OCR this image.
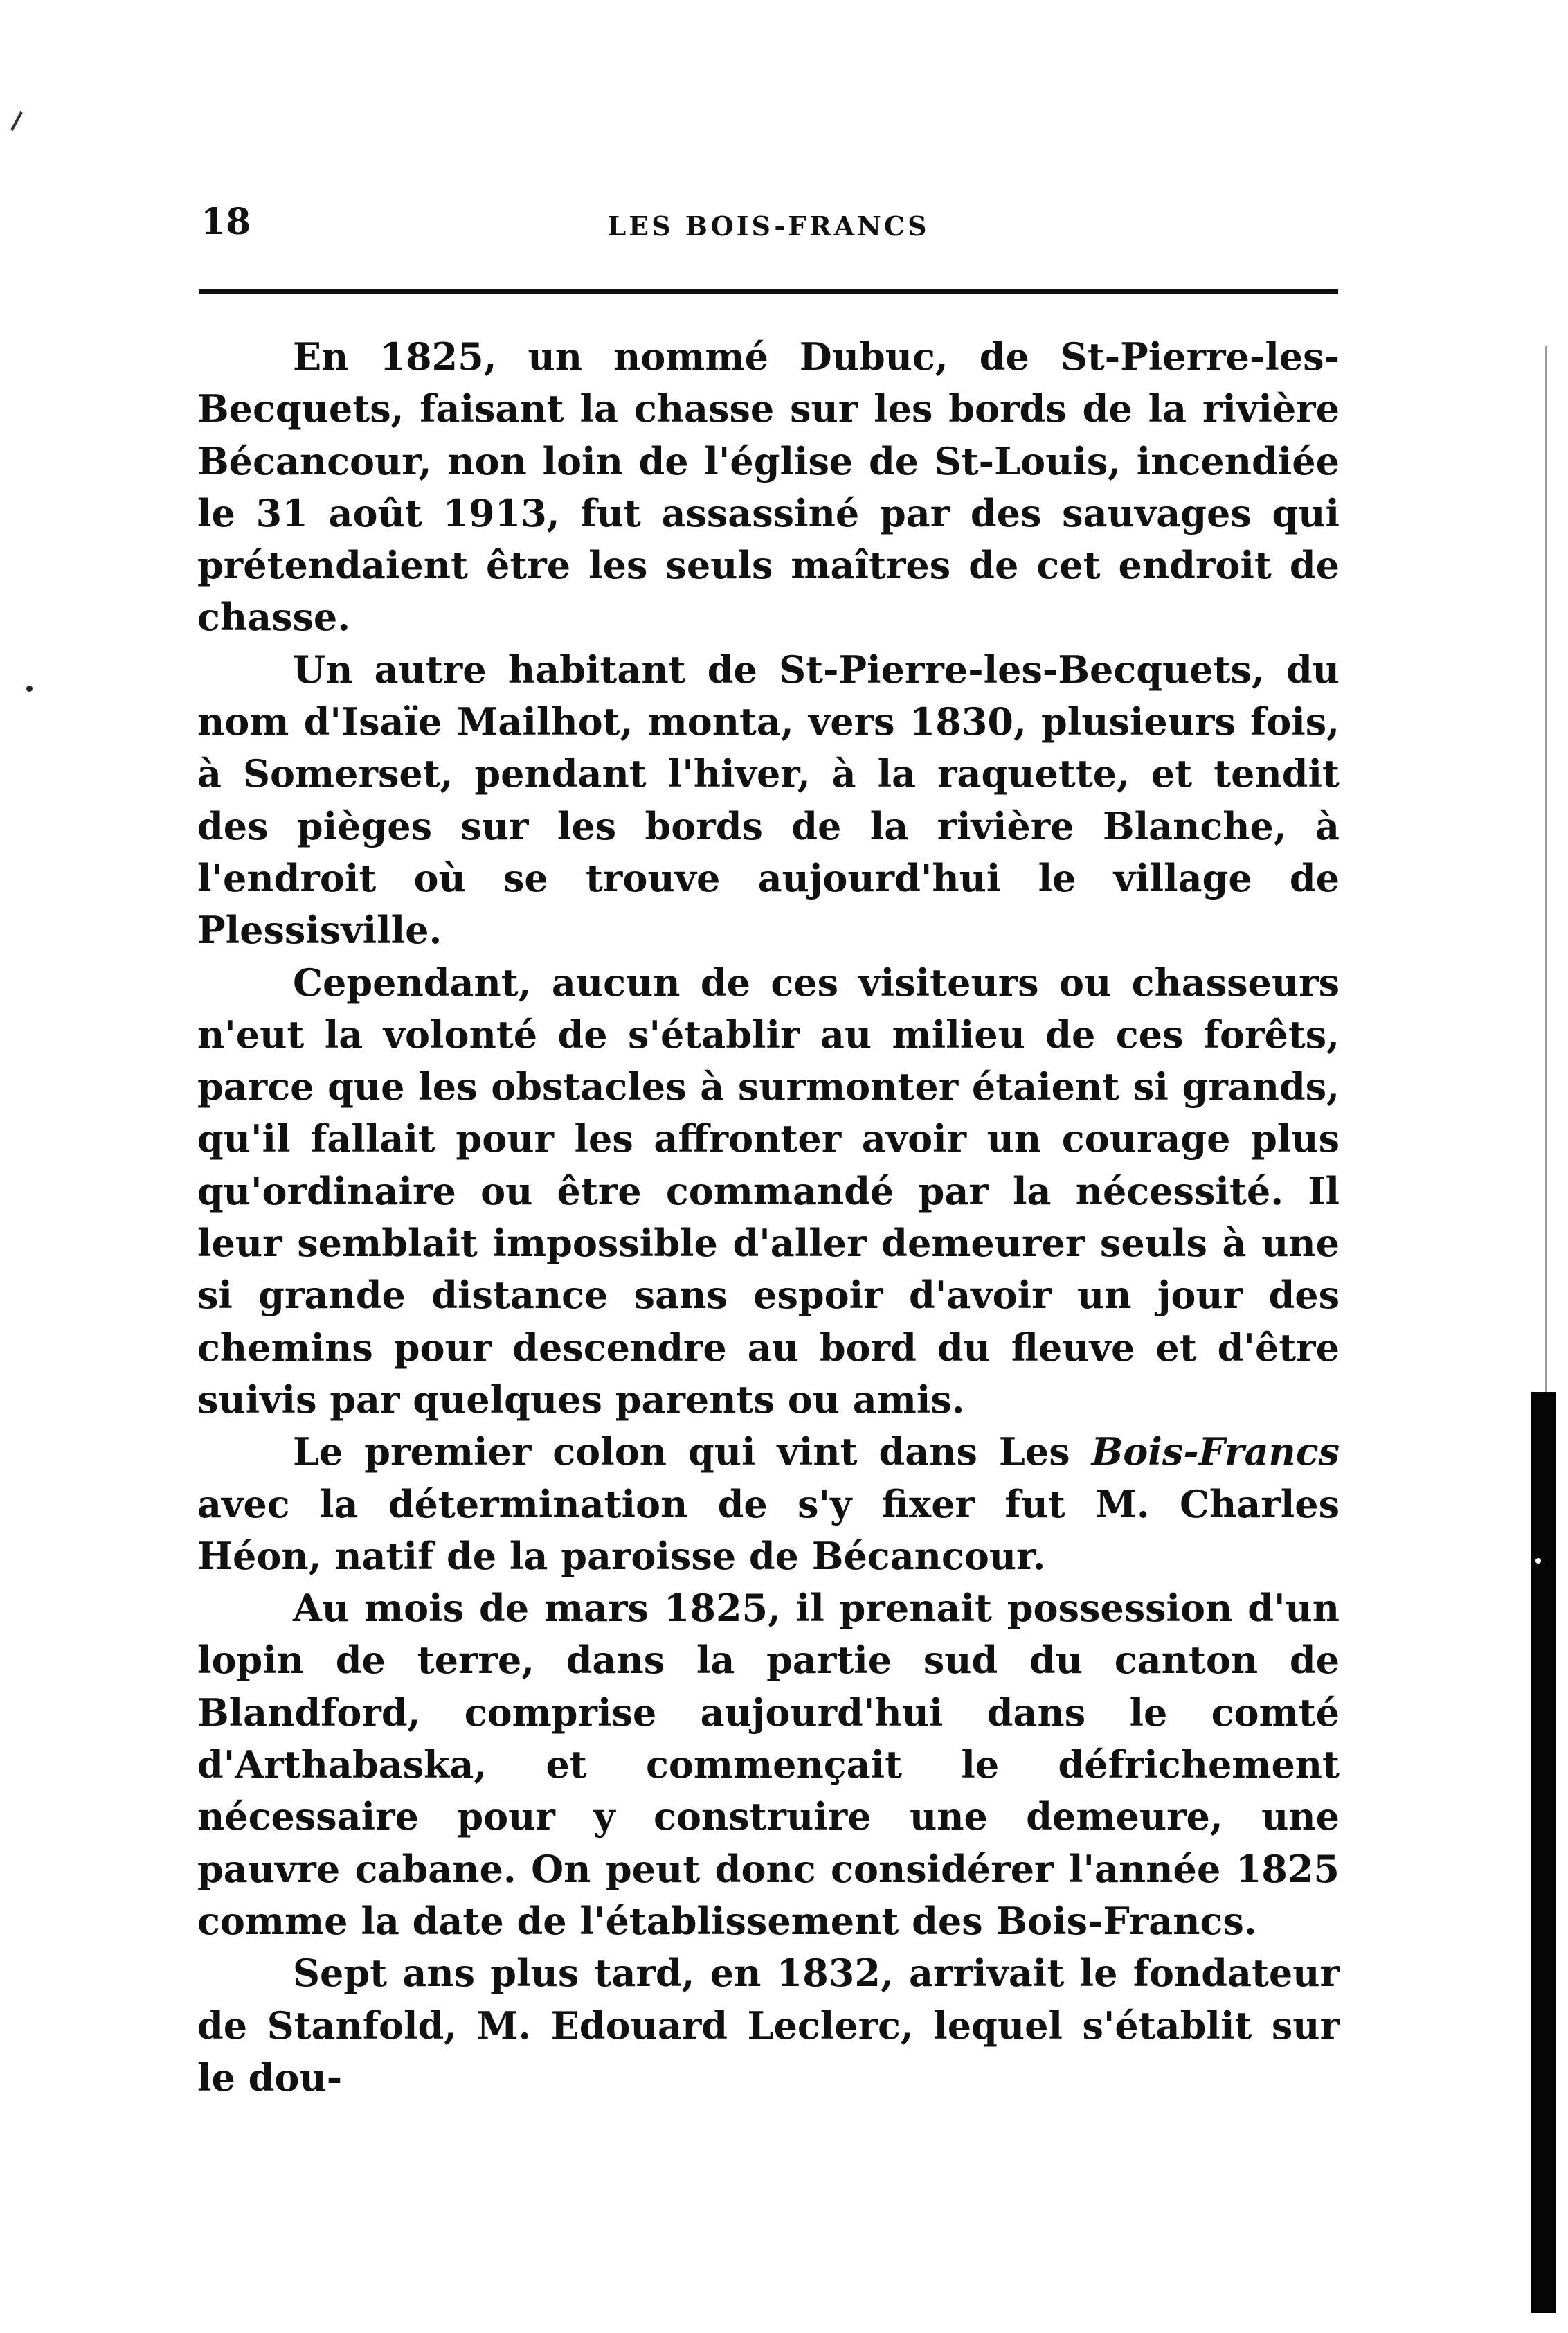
18	LES BOIS-FRANCS

En 1825, un nommé Dubuc, de St-Pierre-les-Becquets, faisant la chasse sur les bords de la rivière Bécancour, non loin de l'église de St-Louis, incendiée le 31 août 1913, fut assassiné par des sauvages qui prétendaient être les seuls maîtres de cet endroit de chasse.

Un autre habitant de St-Pierre-les-Becquets, du nom d'Isaïe Mailhot, monta, vers 1830, plusieurs fois, à Somerset, pendant l'hiver, à la raquette, et tendit des pièges sur les bords de la rivière Blanche, à l'endroit où se trouve aujourd'hui le village de Plessisville.

Cependant, aucun de ces visiteurs ou chasseurs n'eut la volonté de s'établir au milieu de ces forêts, parce que les obstacles à surmonter étaient si grands, qu'il fallait pour les affronter avoir un courage plus qu'ordinaire ou être commandé par la nécessité. Il leur semblait impossible d'aller demeurer seuls à une si grande distance sans espoir d'avoir un jour des chemins pour descendre au bord du fleuve et d'être suivis par quelques parents ou amis.

Le premier colon qui vint dans Les Bois-Francs avec la détermination de s'y fixer fut M. Charles Héon, natif de la paroisse de Bécancour.

Au mois de mars 1825, il prenait possession d'un lopin de terre, dans la partie sud du canton de Blandford, comprise aujourd'hui dans le comté d'Arthabaska, et commençait le défrichement nécessaire pour y construire une demeure, une pauvre cabane. On peut donc considérer l'année 1825 comme la date de l'établissement des Bois-Francs.

Sept ans plus tard, en 1832, arrivait le fondateur de Stanfold, M. Edouard Leclerc, lequel s'établit sur le dou-
